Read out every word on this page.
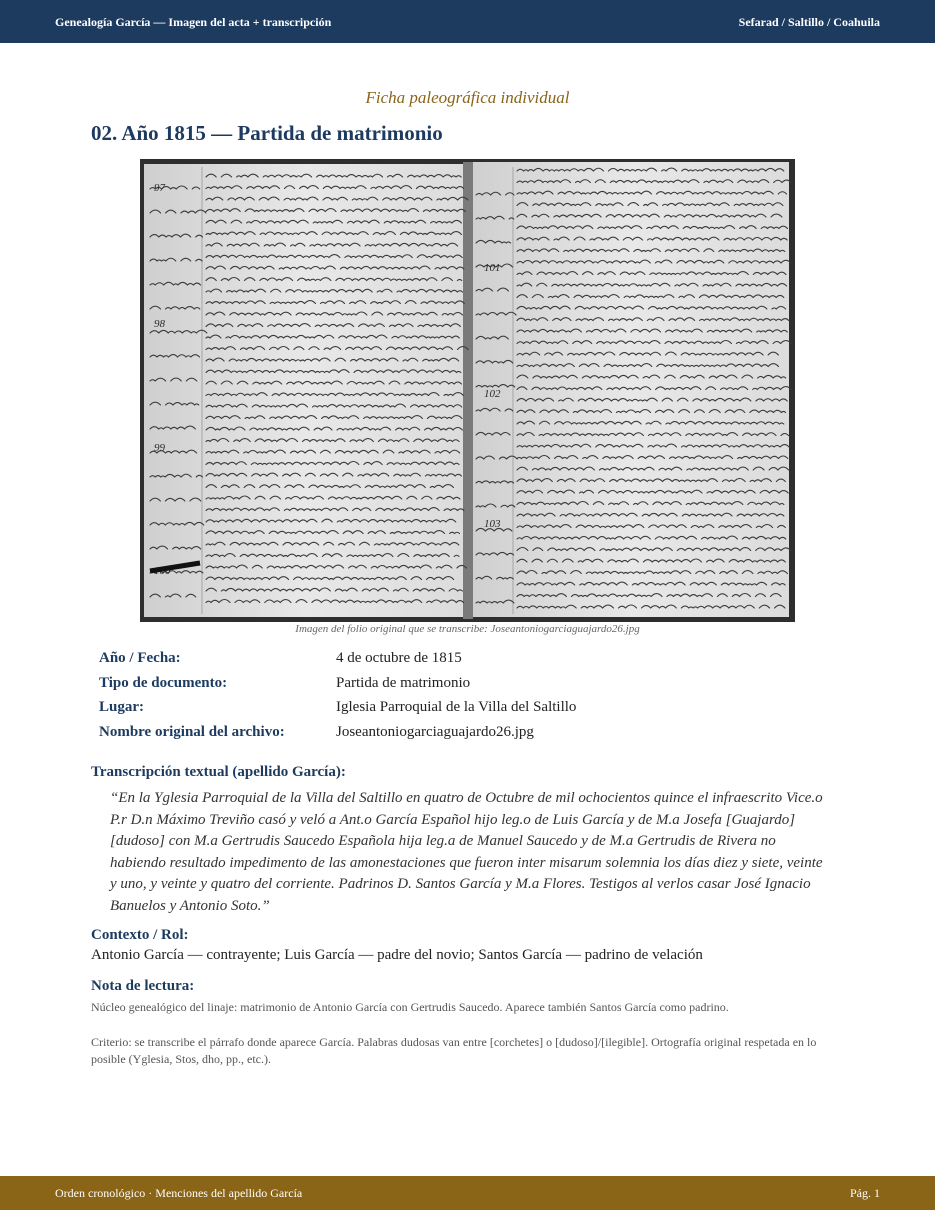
Genealogía García — Imagen del acta + transcripción	Sefarad / Saltillo / Coahuila
Ficha paleográfica individual
02. Año 1815 — Partida de matrimonio
97
98
99
100
101
102
103
Imagen del folio original que se transcribe: Joseantoniogarciaguajardo26.jpg
Año / Fecha:	4 de octubre de 1815
Tipo de documento:	Partida de matrimonio
Lugar:	Iglesia Parroquial de la Villa del Saltillo
Nombre original del archivo:	Joseantoniogarciaguajardo26.jpg
Transcripción textual (apellido García):
“En la Yglesia Parroquial de la Villa del Saltillo en quatro de Octubre de mil ochocientos quince el infraescrito Vice.o P.r D.n Máximo Treviño casó y veló a Ant.o García Español hijo leg.o de Luis García y de M.a Josefa [Guajardo] [dudoso] con M.a Gertrudis Saucedo Española hija leg.a de Manuel Saucedo y de M.a Gertrudis de Rivera no habiendo resultado impedimento de las amonestaciones que fueron inter misarum solemnia los días diez y siete, veinte y uno, y veinte y quatro del corriente. Padrinos D. Santos García y M.a Flores. Testigos al verlos casar José Ignacio Banuelos y Antonio Soto.”
Contexto / Rol:
Antonio García — contrayente; Luis García — padre del novio; Santos García — padrino de velación
Nota de lectura:
Núcleo genealógico del linaje: matrimonio de Antonio García con Gertrudis Saucedo. Aparece también Santos García como padrino.
Criterio: se transcribe el párrafo donde aparece García. Palabras dudosas van entre [corchetes] o [dudoso]/[ilegible]. Ortografía original respetada en lo posible (Yglesia, Stos, dho, pp., etc.).
Orden cronológico · Menciones del apellido García	Pág. 1
